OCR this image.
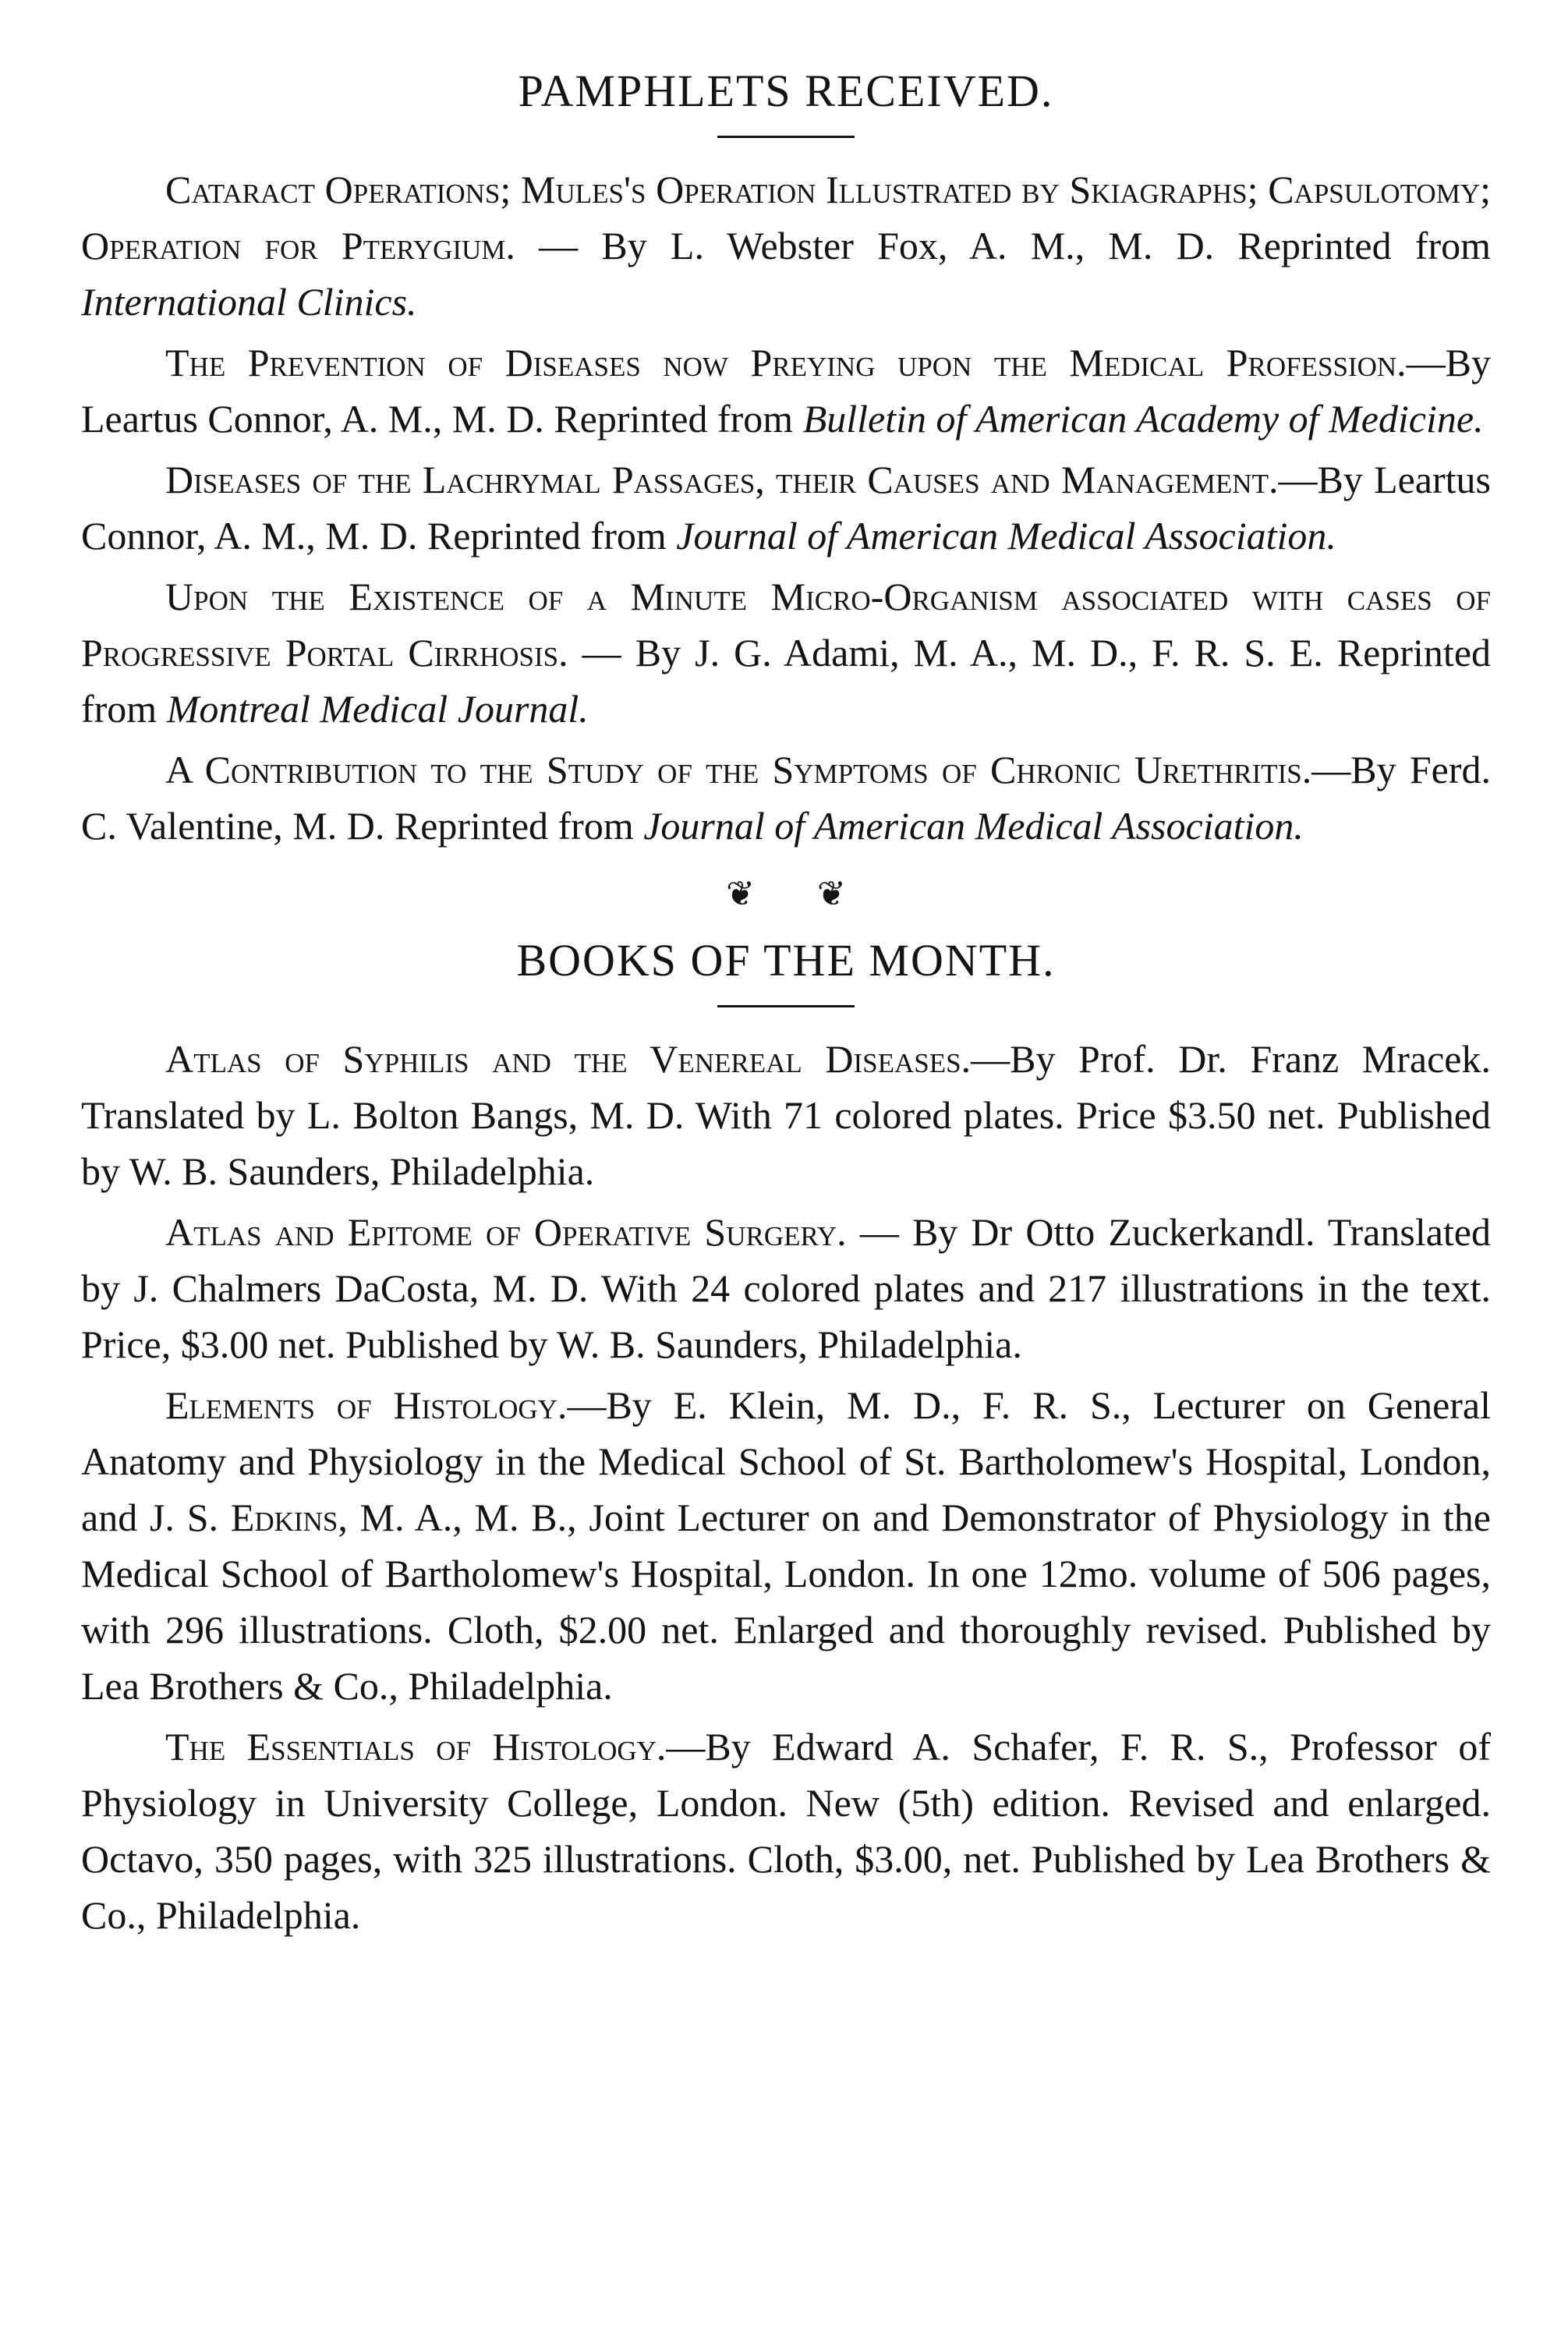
PAMPHLETS RECEIVED.

Cataract Operations; Mules's Operation Illustrated by Skiagraphs; Capsulotomy; Operation for Pterygium. — By L. Webster Fox, A. M., M. D. Reprinted from International Clinics.

The Prevention of Diseases now Preying upon the Medical Profession.—By Leartus Connor, A. M., M. D. Reprinted from Bulletin of American Academy of Medicine.

Diseases of the Lachrymal Passages, their Causes and Management.—By Leartus Connor, A. M., M. D. Reprinted from Journal of American Medical Association.

Upon the Existence of a Minute Micro-Organism associated with cases of Progressive Portal Cirrhosis. — By J. G. Adami, M. A., M. D., F. R. S. E. Reprinted from Montreal Medical Journal.

A Contribution to the Study of the Symptoms of Chronic Urethritis.—By Ferd. C. Valentine, M. D. Reprinted from Journal of American Medical Association.

❦ ❦
BOOKS OF THE MONTH.

Atlas of Syphilis and the Venereal Diseases.—By Prof. Dr. Franz Mracek. Translated by L. Bolton Bangs, M. D. With 71 colored plates. Price $3.50 net. Published by W. B. Saunders, Philadelphia.

Atlas and Epitome of Operative Surgery. — By Dr Otto Zuckerkandl. Translated by J. Chalmers DaCosta, M. D. With 24 colored plates and 217 illustrations in the text. Price, $3.00 net. Published by W. B. Saunders, Philadelphia.

Elements of Histology.—By E. Klein, M. D., F. R. S., Lecturer on General Anatomy and Physiology in the Medical School of St. Bartholomew's Hospital, London, and J. S. Edkins, M. A., M. B., Joint Lecturer on and Demonstrator of Physiology in the Medical School of Bartholomew's Hospital, London. In one 12mo. volume of 506 pages, with 296 illustrations. Cloth, $2.00 net. Enlarged and thoroughly revised. Published by Lea Brothers & Co., Philadelphia.

The Essentials of Histology.—By Edward A. Schafer, F. R. S., Professor of Physiology in University College, London. New (5th) edition. Revised and enlarged. Octavo, 350 pages, with 325 illustrations. Cloth, $3.00, net. Published by Lea Brothers & Co., Philadelphia.
